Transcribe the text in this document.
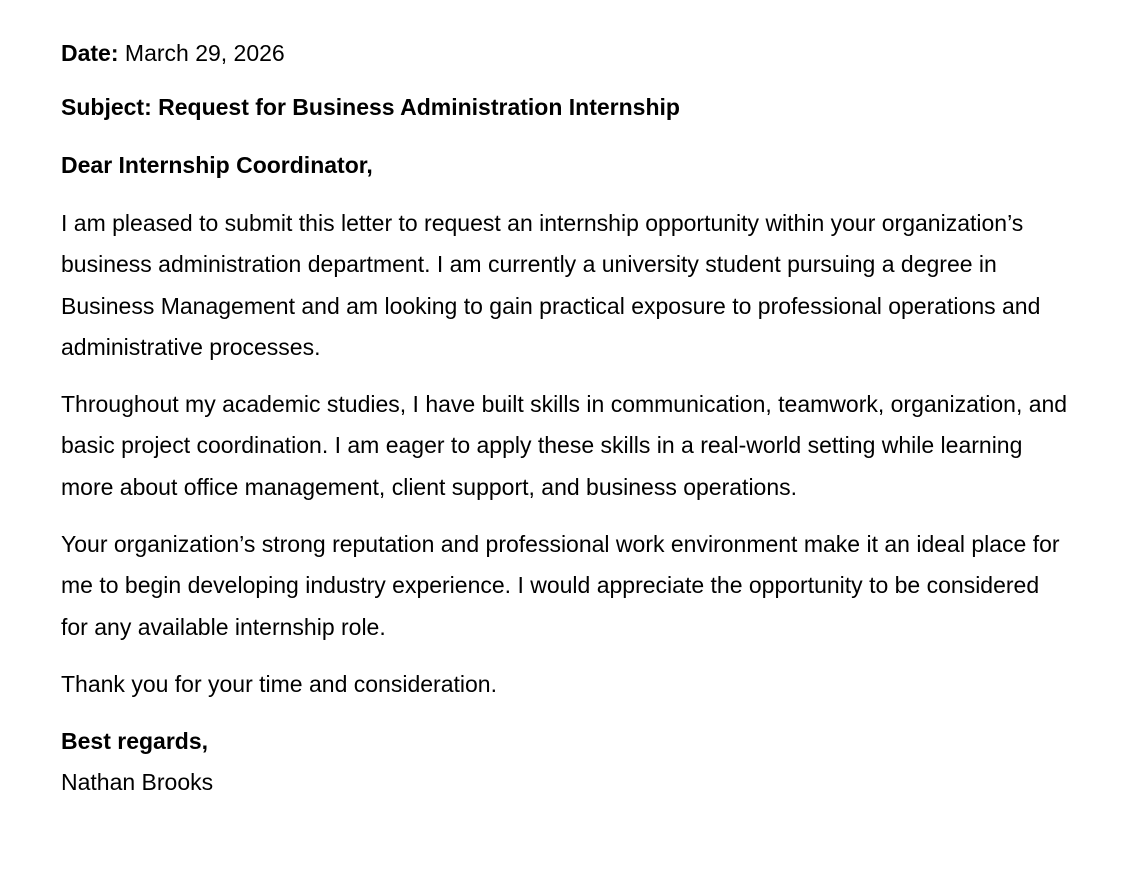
Date: March 29, 2026

Subject: Request for Business Administration Internship

Dear Internship Coordinator,

I am pleased to submit this letter to request an internship opportunity within your organization’s business administration department. I am currently a university student pursuing a degree in Business Management and am looking to gain practical exposure to professional operations and administrative processes.

Throughout my academic studies, I have built skills in communication, teamwork, organization, and basic project coordination. I am eager to apply these skills in a real-world setting while learning more about office management, client support, and business operations.

Your organization’s strong reputation and professional work environment make it an ideal place for me to begin developing industry experience. I would appreciate the opportunity to be considered for any available internship role.

Thank you for your time and consideration.

Best regards,

Nathan Brooks
